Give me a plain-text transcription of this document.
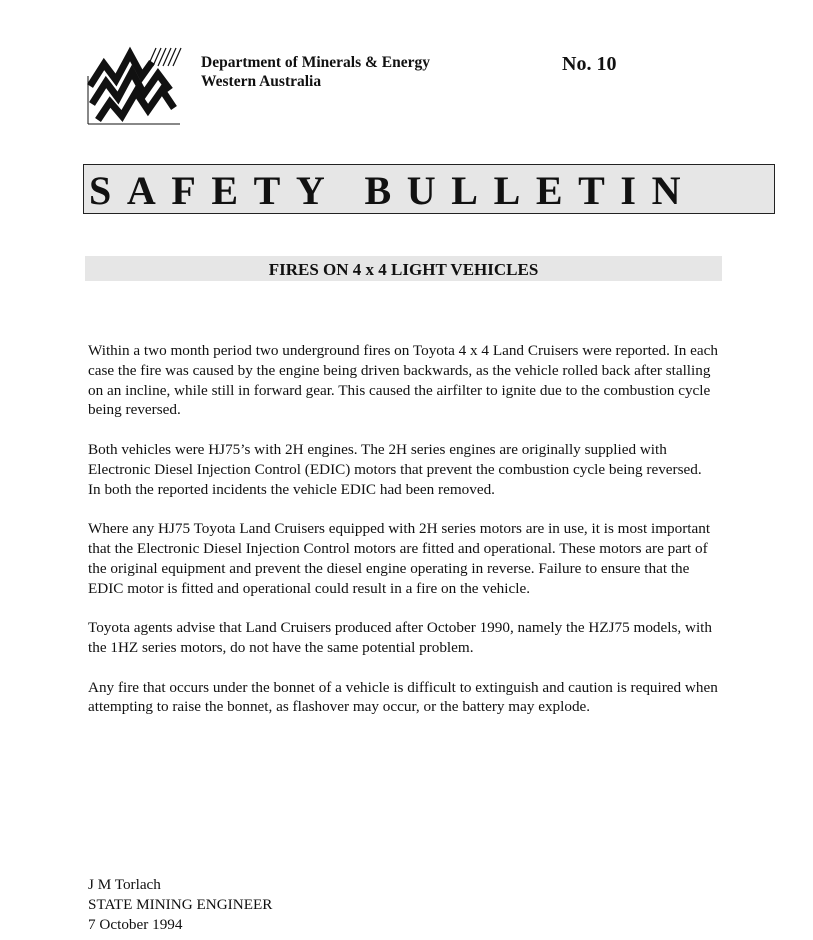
Department of Minerals & Energy
Western Australia
No. 10
SAFETY BULLETIN
FIRES ON 4 x 4 LIGHT VEHICLES

Within a two month period two underground fires on Toyota 4 x 4 Land Cruisers were reported. In each case the fire was caused by the engine being driven backwards, as the vehicle rolled back after stalling on an incline, while still in forward gear. This caused the airfilter to ignite due to the combustion cycle being reversed.

Both vehicles were HJ75’s with 2H engines. The 2H series engines are originally supplied with Electronic Diesel Injection Control (EDIC) motors that prevent the combustion cycle being reversed. In both the reported incidents the vehicle EDIC had been removed.

Where any HJ75 Toyota Land Cruisers equipped with 2H series motors are in use, it is most important that the Electronic Diesel Injection Control motors are fitted and operational. These motors are part of the original equipment and prevent the diesel engine operating in reverse. Failure to ensure that the EDIC motor is fitted and operational could result in a fire on the vehicle.

Toyota agents advise that Land Cruisers produced after October 1990, namely the HZJ75 models, with the 1HZ series motors, do not have the same potential problem.

Any fire that occurs under the bonnet of a vehicle is difficult to extinguish and caution is required when attempting to raise the bonnet, as flashover may occur, or the battery may explode.

J M Torlach
STATE MINING ENGINEER
7 October 1994
